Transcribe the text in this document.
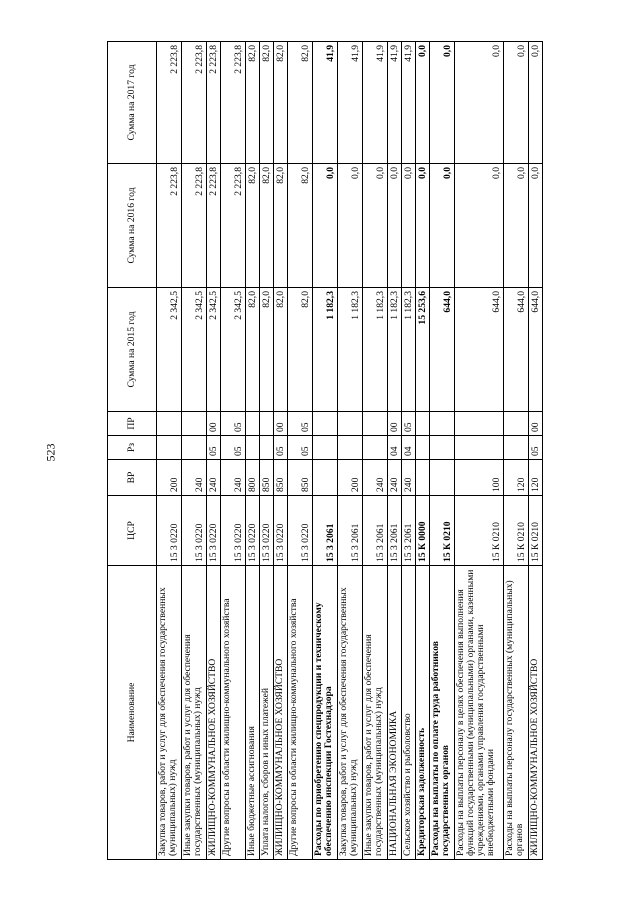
523
Наименование	ЦСР	ВР	Рз	ПР	Сумма на 2015 год	Сумма на 2016 год	Сумма на 2017 год
Закупка товаров, работ и услуг для обеспечения государственных (муниципальных) нужд	15 3 0220	200			2 342,5	2 223,8	2 223,8
Иные закупки товаров, работ и услуг для обеспечения государственных (муниципальных) нужд	15 3 0220	240			2 342,5	2 223,8	2 223,8
ЖИЛИЩНО-КОММУНАЛЬНОЕ ХОЗЯЙСТВО	15 3 0220	240	05	00	2 342,5	2 223,8	2 223,8
Другие вопросы в области жилищно-коммунального хозяйства	15 3 0220	240	05	05	2 342,5	2 223,8	2 223,8
Иные бюджетные ассигнования	15 3 0220	800			82,0	82,0	82,0
Уплата налогов, сборов и иных платежей	15 3 0220	850			82,0	82,0	82,0
ЖИЛИЩНО-КОММУНАЛЬНОЕ ХОЗЯЙСТВО	15 3 0220	850	05	00	82,0	82,0	82,0
Другие вопросы в области жилищно-коммунального хозяйства	15 3 0220	850	05	05	82,0	82,0	82,0
Расходы по приобретению спецпродукции и техническому обеспечению инспекции Гостехнадзора	15 3 2061				1 182,3	0,0	41,9
Закупка товаров, работ и услуг для обеспечения государственных (муниципальных) нужд	15 3 2061	200			1 182,3	0,0	41,9
Иные закупки товаров, работ и услуг для обеспечения государственных (муниципальных) нужд	15 3 2061	240			1 182,3	0,0	41,9
НАЦИОНАЛЬНАЯ ЭКОНОМИКА	15 3 2061	240	04	00	1 182,3	0,0	41,9
Сельское хозяйство и рыболовство	15 3 2061	240	04	05	1 182,3	0,0	41,9
Кредиторская задолженность	15 К 0000				15 253,6	0,0	0,0
Расходы на выплаты по оплате труда работников государственных органов	15 К 0210				644,0	0,0	0,0
Расходы на выплаты персоналу в целях обеспечения выполнения функций государственными (муниципальными) органами, казенными учреждениями, органами управления государственными внебюджетными фондами	15 К 0210	100			644,0	0,0	0,0
Расходы на выплаты персоналу государственных (муниципальных) органов	15 К 0210	120			644,0	0,0	0,0
ЖИЛИЩНО-КОММУНАЛЬНОЕ ХОЗЯЙСТВО	15 К 0210	120	05	00	644,0	0,0	0,0
